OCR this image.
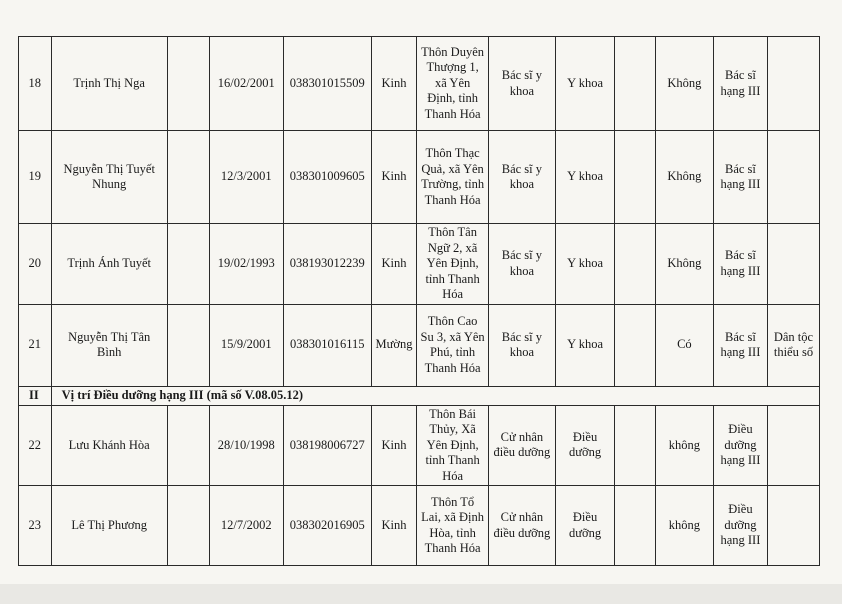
18	Trịnh Thị Nga		16/02/2001	038301015509	Kinh	Thôn Duyên Thượng 1, xã Yên Định, tỉnh Thanh Hóa	Bác sĩ y khoa	Y khoa		Không	Bác sĩ hạng III	
19	Nguyễn Thị Tuyết Nhung		12/3/2001	038301009605	Kinh	Thôn Thạc Quả, xã Yên Trường, tỉnh Thanh Hóa	Bác sĩ y khoa	Y khoa		Không	Bác sĩ hạng III	
20	Trịnh Ánh Tuyết		19/02/1993	038193012239	Kinh	Thôn Tân Ngữ 2, xã Yên Định, tỉnh Thanh Hóa	Bác sĩ y khoa	Y khoa		Không	Bác sĩ hạng III	
21	Nguyễn Thị Tân Bình		15/9/2001	038301016115	Mường	Thôn Cao Su 3, xã Yên Phú, tỉnh Thanh Hóa	Bác sĩ y khoa	Y khoa		Có	Bác sĩ hạng III	Dân tộc thiểu số
II	Vị trí Điều dưỡng hạng III (mã số V.08.05.12)											
22	Lưu Khánh Hòa		28/10/1998	038198006727	Kinh	Thôn Bái Thủy, Xã Yên Định, tỉnh Thanh Hóa	Cử nhân điều dưỡng	Điều dưỡng		không	Điều dưỡng hạng III	
23	Lê Thị Phương		12/7/2002	038302016905	Kinh	Thôn Tổ Lai, xã Định Hòa, tỉnh Thanh Hóa	Cử nhân điều dưỡng	Điều dưỡng		không	Điều dưỡng hạng III	
